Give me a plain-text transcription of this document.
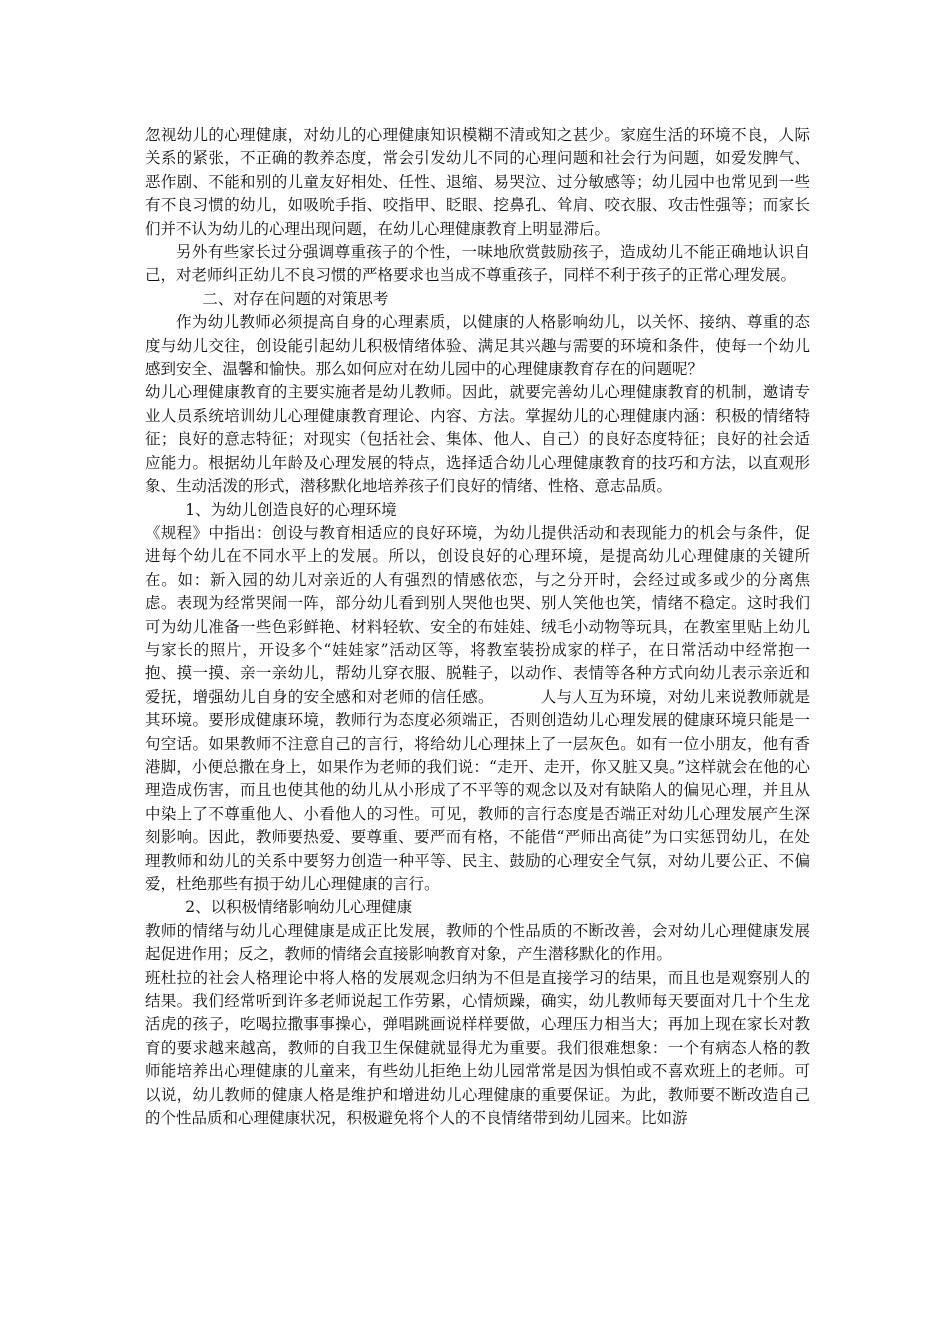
忽视幼儿的心理健康，对幼儿的心理健康知识模糊不清或知之甚少。家庭生活的环境不良，人际关系的紧张，不正确的教养态度，常会引发幼儿不同的心理问题和社会行为问题，如爱发脾气、恶作剧、不能和别的儿童友好相处、任性、退缩、易哭泣、过分敏感等；幼儿园中也常见到一些有不良习惯的幼儿，如吸吮手指、咬指甲、眨眼、挖鼻孔、耸肩、咬衣服、攻击性强等；而家长们并不认为幼儿的心理出现问题，在幼儿心理健康教育上明显滞后。

另外有些家长过分强调尊重孩子的个性，一味地欣赏鼓励孩子，造成幼儿不能正确地认识自己，对老师纠正幼儿不良习惯的严格要求也当成不尊重孩子，同样不利于孩子的正常心理发展。

二、对存在问题的对策思考

作为幼儿教师必须提高自身的心理素质，以健康的人格影响幼儿，以关怀、接纳、尊重的态度与幼儿交往，创设能引起幼儿积极情绪体验、满足其兴趣与需要的环境和条件，使每一个幼儿感到安全、温馨和愉快。那么如何应对在幼儿园中的心理健康教育存在的问题呢？

幼儿心理健康教育的主要实施者是幼儿教师。因此，就要完善幼儿心理健康教育的机制，邀请专业人员系统培训幼儿心理健康教育理论、内容、方法。掌握幼儿的心理健康内涵：积极的情绪特征；良好的意志特征；对现实（包括社会、集体、他人、自己）的良好态度特征；良好的社会适应能力。根据幼儿年龄及心理发展的特点，选择适合幼儿心理健康教育的技巧和方法，以直观形象、生动活泼的形式，潜移默化地培养孩子们良好的情绪、性格、意志品质。

1、为幼儿创造良好的心理环境

《规程》中指出：创设与教育相适应的良好环境，为幼儿提供活动和表现能力的机会与条件，促进每个幼儿在不同水平上的发展。所以，创设良好的心理环境，是提高幼儿心理健康的关键所在。如：新入园的幼儿对亲近的人有强烈的情感依恋，与之分开时，会经过或多或少的分离焦虑。表现为经常哭闹一阵，部分幼儿看到别人哭他也哭、别人笑他也笑，情绪不稳定。这时我们可为幼儿准备一些色彩鲜艳、材料轻软、安全的布娃娃、绒毛小动物等玩具，在教室里贴上幼儿与家长的照片，开设多个“娃娃家”活动区等，将教室装扮成家的样子，在日常活动中经常抱一抱、摸一摸、亲一亲幼儿，帮幼儿穿衣服、脱鞋子，以动作、表情等各种方式向幼儿表示亲近和爱抚，增强幼儿自身的安全感和对老师的信任感。	人与人互为环境，对幼儿来说教师就是其环境。要形成健康环境，教师行为态度必须端正，否则创造幼儿心理发展的健康环境只能是一句空话。如果教师不注意自己的言行，将给幼儿心理抹上了一层灰色。如有一位小朋友，他有香港脚，小便总撒在身上，如果作为老师的我们说：“走开、走开，你又脏又臭。”这样就会在他的心理造成伤害，而且也使其他的幼儿从小形成了不平等的观念以及对有缺陷人的偏见心理，并且从中染上了不尊重他人、小看他人的习性。可见，教师的言行态度是否端正对幼儿心理发展产生深刻影响。因此，教师要热爱、要尊重、要严而有格，不能借“严师出高徒”为口实惩罚幼儿，在处理教师和幼儿的关系中要努力创造一种平等、民主、鼓励的心理安全气氛，对幼儿要公正、不偏爱，杜绝那些有损于幼儿心理健康的言行。

2、以积极情绪影响幼儿心理健康

教师的情绪与幼儿心理健康是成正比发展，教师的个性品质的不断改善，会对幼儿心理健康发展起促进作用；反之，教师的情绪会直接影响教育对象，产生潜移默化的作用。

班杜拉的社会人格理论中将人格的发展观念归纳为不但是直接学习的结果，而且也是观察别人的结果。我们经常听到许多老师说起工作劳累，心情烦躁，确实，幼儿教师每天要面对几十个生龙活虎的孩子，吃喝拉撒事事操心，弹唱跳画说样样要做，心理压力相当大；再加上现在家长对教育的要求越来越高，教师的自我卫生保健就显得尤为重要。我们很难想象：一个有病态人格的教师能培养出心理健康的儿童来，有些幼儿拒绝上幼儿园常常是因为惧怕或不喜欢班上的老师。可以说，幼儿教师的健康人格是维护和增进幼儿心理健康的重要保证。为此，教师要不断改造自己的个性品质和心理健康状况，积极避免将个人的不良情绪带到幼儿园来。比如游
